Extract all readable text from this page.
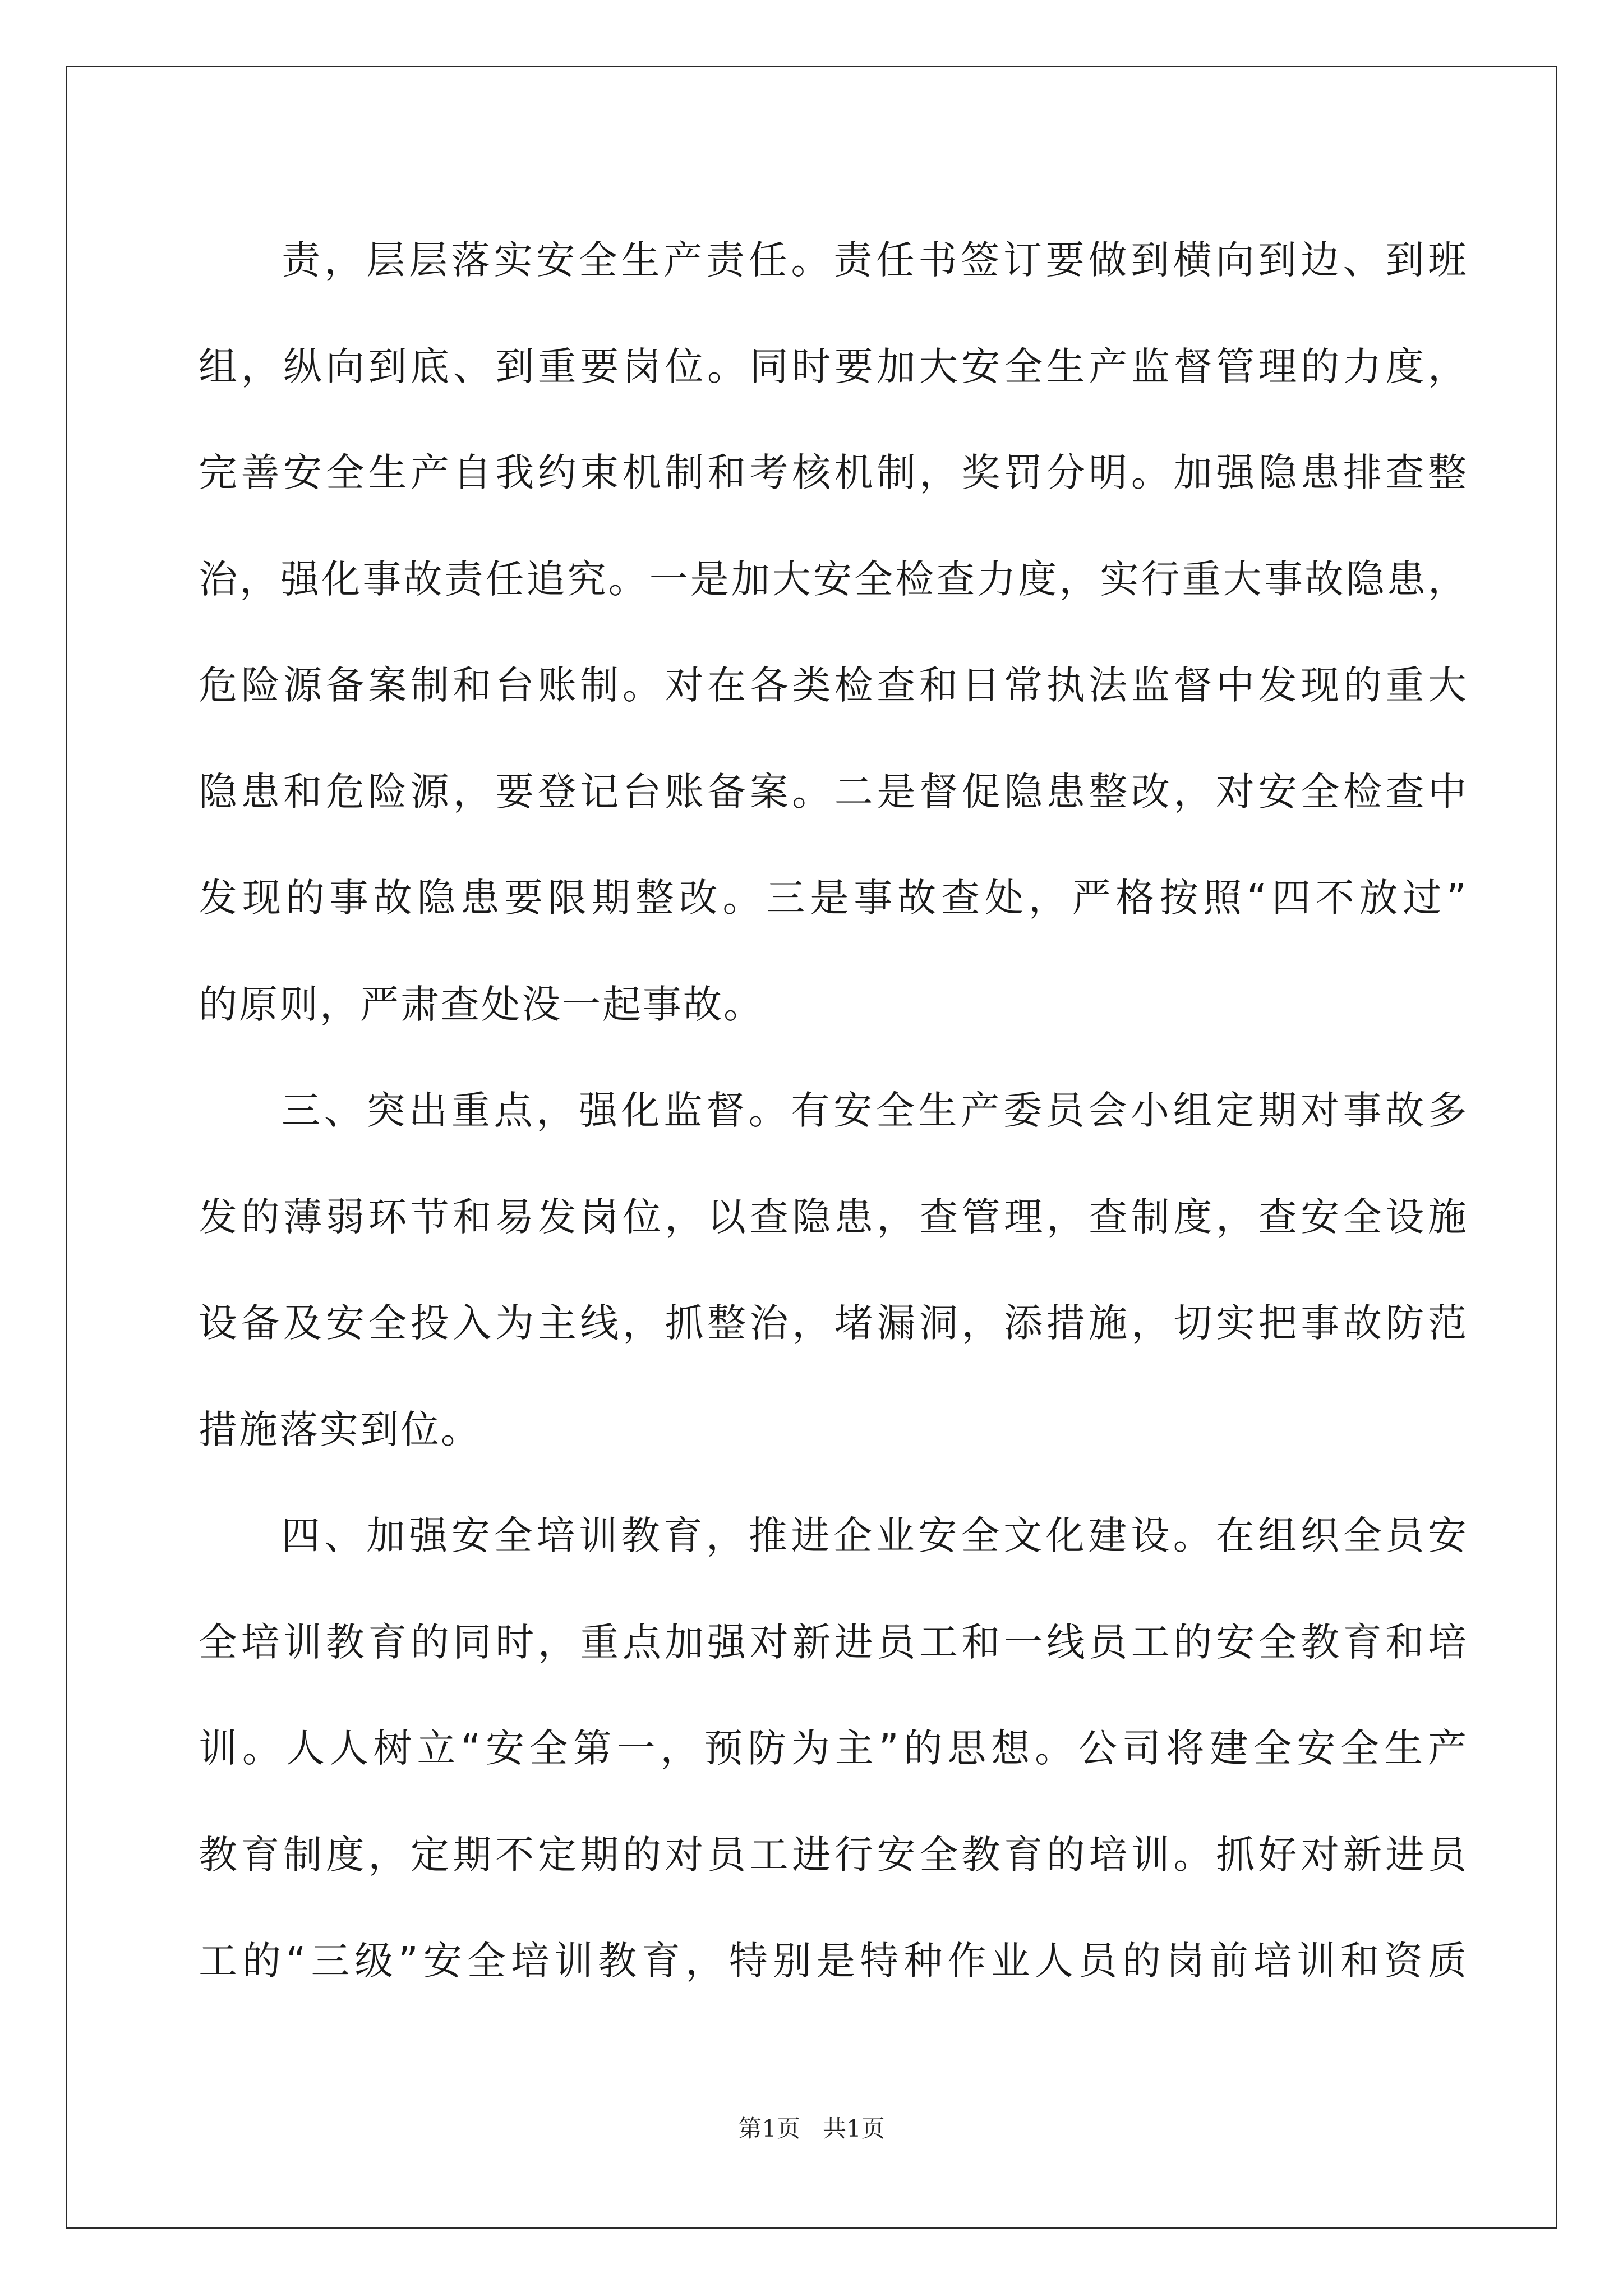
责，层层落实安全生产责任。责任书签订要做到横向到边、到班
组，纵向到底、到重要岗位。同时要加大安全生产监督管理的力度，
完善安全生产自我约束机制和考核机制，奖罚分明。加强隐患排查整
治，强化事故责任追究。一是加大安全检查力度，实行重大事故隐患，
危险源备案制和台账制。对在各类检查和日常执法监督中发现的重大
隐患和危险源，要登记台账备案。二是督促隐患整改，对安全检查中
发现的事故隐患要限期整改。三是事故查处，严格按照“四不放过”
的原则，严肃查处没一起事故。
三、突出重点，强化监督。有安全生产委员会小组定期对事故多
发的薄弱环节和易发岗位，以查隐患，查管理，查制度，查安全设施
设备及安全投入为主线，抓整治，堵漏洞，添措施，切实把事故防范
措施落实到位。
四、加强安全培训教育，推进企业安全文化建设。在组织全员安
全培训教育的同时，重点加强对新进员工和一线员工的安全教育和培
训。人人树立“安全第一，预防为主”的思想。公司将建全安全生产
教育制度，定期不定期的对员工进行安全教育的培训。抓好对新进员
工的“三级”安全培训教育，特别是特种作业人员的岗前培训和资质
第1页   共1页
